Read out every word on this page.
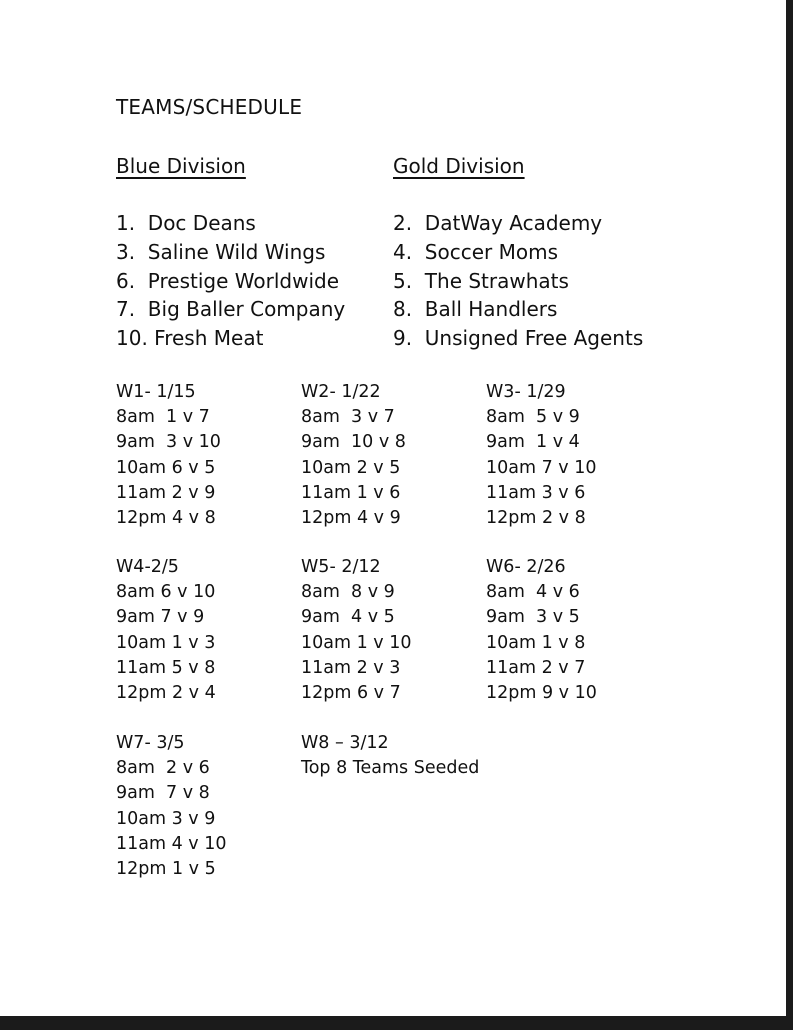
TEAMS/SCHEDULE
Blue Division	Gold Division
1.  Doc Deans
3.  Saline Wild Wings
6.  Prestige Worldwide
7.  Big Baller Company
10. Fresh Meat
2.  DatWay Academy
4.  Soccer Moms
5.  The Strawhats
8.  Ball Handlers
9.  Unsigned Free Agents
W1- 1/15
8am  1 v 7
9am  3 v 10
10am 6 v 5
11am 2 v 9
12pm 4 v 8
W2- 1/22
8am  3 v 7
9am  10 v 8
10am 2 v 5
11am 1 v 6
12pm 4 v 9
W3- 1/29
8am  5 v 9
9am  1 v 4
10am 7 v 10
11am 3 v 6
12pm 2 v 8
W4-2/5
8am 6 v 10
9am 7 v 9
10am 1 v 3
11am 5 v 8
12pm 2 v 4
W5- 2/12
8am  8 v 9
9am  4 v 5
10am 1 v 10
11am 2 v 3
12pm 6 v 7
W6- 2/26
8am  4 v 6
9am  3 v 5
10am 1 v 8
11am 2 v 7
12pm 9 v 10
W7- 3/5
8am  2 v 6
9am  7 v 8
10am 3 v 9
11am 4 v 10
12pm 1 v 5
W8 – 3/12
Top 8 Teams Seeded
